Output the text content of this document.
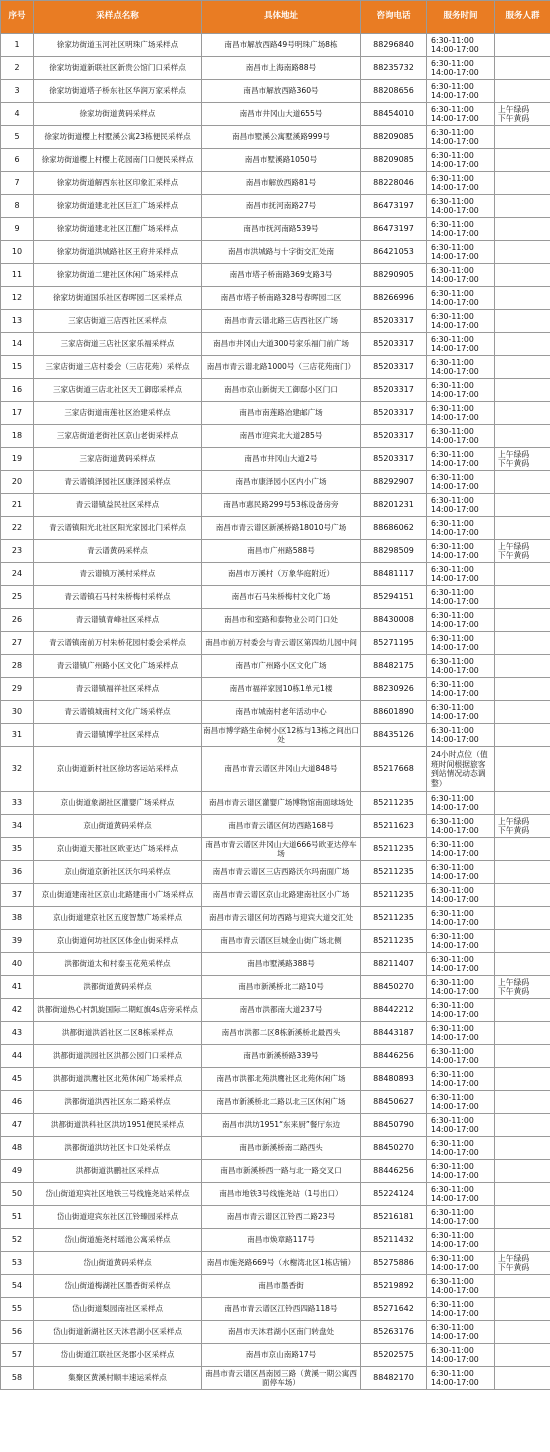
序号	采样点名称	具体地址	咨询电话	服务时间	服务人群
1	徐家坊街道玉河社区明珠广场采样点	南昌市解放西路49号明珠广场8栋	88296840	6:30-11:00
14:00-17:00	
2	徐家坊街道新联社区新贵公馆门口采样点	南昌市上海南路88号	88235732	6:30-11:00
14:00-17:00	
3	徐家坊街道塔子桥东社区华润万家采样点	南昌市解放西路360号	88208656	6:30-11:00
14:00-17:00	
4	徐家坊街道黄码采样点	南昌市井冈山大道655号	88454010	6:30-11:00
14:00-17:00	上午绿码
下午黄码
5	徐家坊街道樱上村墅溪公寓23栋便民采样点	南昌市墅溪公寓墅溪路999号	88209085	6:30-11:00
14:00-17:00	
6	徐家坊街道樱上村樱上花园南门口便民采样点	南昌市墅溪路1050号	88209085	6:30-11:00
14:00-17:00	
7	徐家坊街道解西东社区印象汇采样点	南昌市解放西路81号	88228046	6:30-11:00
14:00-17:00	
8	徐家坊街道建北社区巨汇广场采样点	南昌市抚河南路27号	86473197	6:30-11:00
14:00-17:00	
9	徐家坊街道建北社区江酣广场采样点	南昌市抚河南路539号	86473197	6:30-11:00
14:00-17:00	
10	徐家坊街道洪城路社区王府井采样点	南昌市洪城路与十字街交汇处南	86421053	6:30-11:00
14:00-17:00	
11	徐家坊街道二建社区休闲广场采样点	南昌市塔子桥南路369支路3号	88290905	6:30-11:00
14:00-17:00	
12	徐家坊街道国乐社区春晖园二区采样点	南昌市塔子桥南路328号春晖园二区	88266996	6:30-11:00
14:00-17:00	
13	三家店街道三店西社区采样点	南昌市青云谱北路三店西社区广场	85203317	6:30-11:00
14:00-17:00	
14	三家店街道三店社区家乐福采样点	南昌市井冈山大道300号家乐福门前广场	85203317	6:30-11:00
14:00-17:00	
15	三家店街道三店村委会（三店花苑）采样点	南昌市青云谱北路1000号（三店花苑南门）	85203317	6:30-11:00
14:00-17:00	
16	三家店街道三店北社区天工御邸采样点	南昌市京山新街天工御邸小区门口	85203317	6:30-11:00
14:00-17:00	
17	三家店街道南莲社区治建采样点	南昌市南莲路冶建邮广场	85203317	6:30-11:00
14:00-17:00	
18	三家店街道老街社区京山老街采样点	南昌市迎宾北大道285号	85203317	6:30-11:00
14:00-17:00	
19	三家店街道黄码采样点	南昌市井冈山大道2号	85203317	6:30-11:00
14:00-17:00	上午绿码
下午黄码
20	青云谱镇泽园社区康泽园采样点	南昌市康泽园小区内小广场	88292907	6:30-11:00
14:00-17:00	
21	青云谱镇益民社区采样点	南昌市惠民路299号53栋设备房旁	88201231	6:30-11:00
14:00-17:00	
22	青云谱镇阳光北社区阳光家园北门采样点	南昌市青云谱区新溪桥路18010号广场	88686062	6:30-11:00
14:00-17:00	
23	青云谱黄码采样点	南昌市广州路588号	88298509	6:30-11:00
14:00-17:00	上午绿码
下午黄码
24	青云谱镇万溪村采样点	南昌市万溪村（万象华庭附近）	88481117	6:30-11:00
14:00-17:00	
25	青云谱镇石马村朱桥梅村采样点	南昌市石马朱桥梅村文化广场	85294151	6:30-11:00
14:00-17:00	
26	青云谱镇青峰社区采样点	南昌市和室路和泰物业公司门口处	88430008	6:30-11:00
14:00-17:00	
27	青云谱镇南前万村朱桥花园村委会采样点	南昌市前万村委会与青云谱区第四幼儿园中间	85271195	6:30-11:00
14:00-17:00	
28	青云谱镇广州路小区文化广场采样点	南昌市广州路小区文化广场	88482175	6:30-11:00
14:00-17:00	
29	青云谱镇福祥社区采样点	南昌市福祥家园10栋1单元1楼	88230926	6:30-11:00
14:00-17:00	
30	青云谱镇城南村文化广场采样点	南昌市城南村老年活动中心	88601890	6:30-11:00
14:00-17:00	
31	青云谱镇博学社区采样点	南昌市博学路生命树小区12栋与13栋之间出口处	88435126	6:30-11:00
14:00-17:00	
32	京山街道新村社区徐坊客运站采样点	南昌市青云谱区井冈山大道848号	85217668	24小时点位（值班时间根据旅客到站情况动态调整）	
33	京山街道象湖社区灌婴广场采样点	南昌市青云谱区灌婴广场博物馆南面球场处	85211235	6:30-11:00
14:00-17:00	
34	京山街道黄码采样点	南昌市青云谱区何坊西路168号	85211623	6:30-11:00
14:00-17:00	上午绿码
下午黄码
35	京山街道天都社区欧亚达广场采样点	南昌市青云谱区井冈山大道666号欧亚达停车场	85211235	6:30-11:00
14:00-17:00	
36	京山街道京新社区沃尔玛采样点	南昌市青云谱区三店西路沃尔玛南面广场	85211235	6:30-11:00
14:00-17:00	
37	京山街道建南社区京山北路建南小广场采样点	南昌市青云谱区京山北路建南社区小广场	85211235	6:30-11:00
14:00-17:00	
38	京山街道建京社区五度智慧广场采样点	南昌市青云谱区何坊西路与迎宾大道交汇处	85211235	6:30-11:00
14:00-17:00	
39	京山街道何坊社区区体金山街采样点	南昌市青云谱区巨城金山街广场北侧	85211235	6:30-11:00
14:00-17:00	
40	洪都街道太和村泰玉花苑采样点	南昌市墅溪路388号	88211407	6:30-11:00
14:00-17:00	
41	洪都街道黄码采样点	南昌市新溪桥北二路10号	88450270	6:30-11:00
14:00-17:00	上午绿码
下午黄码
42	洪都街道热心村凯旋国际二期虹旗4s店旁采样点	南昌市洪都南大道237号	88442212	6:30-11:00
14:00-17:00	
43	洪都街道洪滔社区二区8栋采样点	南昌市洪都二区8栋新溪桥北最西头	88443187	6:30-11:00
14:00-17:00	
44	洪都街道洪园社区洪都公园门口采样点	南昌市新溪桥路339号	88446256	6:30-11:00
14:00-17:00	
45	洪都街道洪鹰社区北苑休闲广场采样点	南昌市洪都北苑洪鹰社区北苑休闲广场	88480893	6:30-11:00
14:00-17:00	
46	洪都街道洪西社区东二路采样点	南昌市新溪桥北二路以北三区休闲广场	88450627	6:30-11:00
14:00-17:00	
47	洪都街道洪科社区洪坊1951便民采样点	南昌市洪坊1951“东来厨”餐厅东边	88450790	6:30-11:00
14:00-17:00	
48	洪都街道洪坊社区卡口处采样点	南昌市新溪桥南二路西头	88450270	6:30-11:00
14:00-17:00	
49	洪都街道洪鹏社区采样点	南昌市新溪桥西一路与北一路交叉口	88446256	6:30-11:00
14:00-17:00	
50	岱山街道迎宾社区地铁三号线施尧站采样点	南昌市地铁3号线施尧站（1号出口）	85224124	6:30-11:00
14:00-17:00	
51	岱山街道迎宾东社区江铃臻园采样点	南昌市青云谱区江铃西二路23号	85216181	6:30-11:00
14:00-17:00	
52	岱山街道施尧村瑶池公寓采样点	南昌市焕章路117号	85211432	6:30-11:00
14:00-17:00	
53	岱山街道黄码采样点	南昌市施尧路669号（水榭湾北区1栋店铺）	85275886	6:30-11:00
14:00-17:00	上午绿码
下午黄码
54	岱山街道梅湖社区墨香街采样点	南昌市墨香街	85219892	6:30-11:00
14:00-17:00	
55	岱山街道梨园南社区采样点	南昌市青云谱区江铃西四路118号	85271642	6:30-11:00
14:00-17:00	
56	岱山街道新湖社区天沐君湖小区采样点	南昌市天沐君湖小区南门转盘处	85263176	6:30-11:00
14:00-17:00	
57	岱山街道江联社区尧郡小区采样点	南昌市京山南路17号	85202575	6:30-11:00
14:00-17:00	
58	集聚区黄溪村顺丰速运采样点	南昌市青云谱区昌南园三路（黄溪一期公寓西面停车场）	88482170	6:30-11:00
14:00-17:00	
